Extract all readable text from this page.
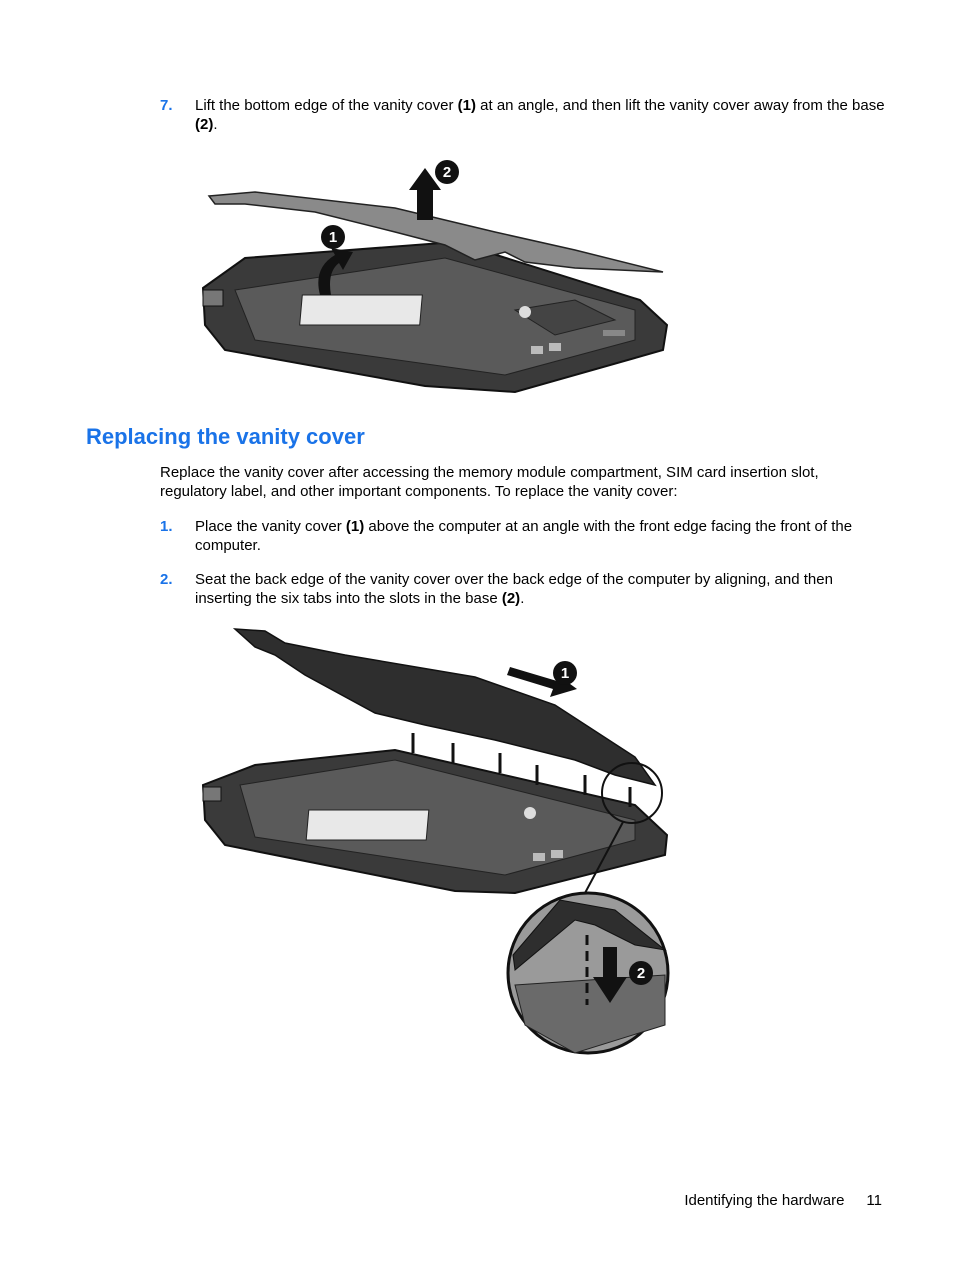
7. Lift the bottom edge of the vanity cover (1) at an angle, and then lift the vanity cover away from the base (2).
1
2
Replacing the vanity cover
Replace the vanity cover after accessing the memory module compartment, SIM card insertion slot, regulatory label, and other important components. To replace the vanity cover:
1. Place the vanity cover (1) above the computer at an angle with the front edge facing the front of the computer.
2. Seat the back edge of the vanity cover over the back edge of the computer by aligning, and then inserting the six tabs into the slots in the base (2).
1
2
Identifying the hardware 11
